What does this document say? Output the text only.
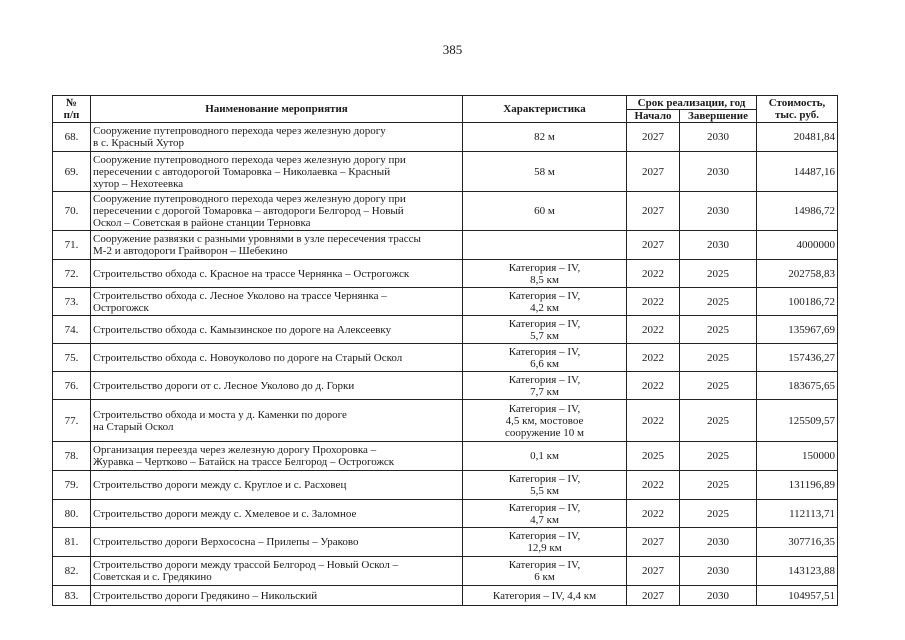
385
№
п/п	Наименование мероприятия	Характеристика	Срок реализации, год		Стоимость,
тыс. руб.
			Начало	Завершение	
68.	Сооружение путепроводного перехода через железную дорогу
в с. Красный Хутор	82 м	2027	2030	20481,84
69.	Сооружение путепроводного перехода через железную дорогу при
пересечении с автодорогой Томаровка – Николаевка – Красный
хутор – Нехотеевка	58 м	2027	2030	14487,16
70.	Сооружение путепроводного перехода через железную дорогу при
пересечении с дорогой Томаровка – автодороги Белгород – Новый
Оскол – Советская в районе станции Терновка	60 м	2027	2030	14986,72
71.	Сооружение развязки с разными уровнями в узле пересечения трассы
М-2 и автодороги Грайворон – Шебекино		2027	2030	4000000
72.	Строительство обхода с. Красное на трассе Чернянка – Острогожск	Категория – IV,
8,5 км	2022	2025	202758,83
73.	Строительство обхода с. Лесное Уколово на трассе Чернянка –
Острогожск	Категория – IV,
4,2 км	2022	2025	100186,72
74.	Строительство обхода с. Камызинское по дороге на Алексеевку	Категория – IV,
5,7 км	2022	2025	135967,69
75.	Строительство обхода с. Новоуколово по дороге на Старый Оскол	Категория – IV,
6,6 км	2022	2025	157436,27
76.	Строительство дороги от с. Лесное Уколово до д. Горки	Категория – IV,
7,7 км	2022	2025	183675,65
77.	Строительство обхода и моста у д. Каменки по дороге
на Старый Оскол	Категория – IV,
4,5 км, мостовое
сооружение 10 м	2022	2025	125509,57
78.	Организация переезда через железную дорогу Прохоровка –
Журавка – Чертково – Батайск на трассе Белгород – Острогожск	0,1 км	2025	2025	150000
79.	Строительство дороги между с. Круглое и с. Расховец	Категория – IV,
5,5 км	2022	2025	131196,89
80.	Строительство дороги между с. Хмелевое и с. Заломное	Категория – IV,
4,7 км	2022	2025	112113,71
81.	Строительство дороги Верхососна – Прилепы – Ураково	Категория – IV,
12,9 км	2027	2030	307716,35
82.	Строительство дороги между трассой Белгород – Новый Оскол –
Советская и с. Гредякино	Категория – IV,
6 км	2027	2030	143123,88
83.	Строительство дороги Гредякино – Никольский	Категория – IV, 4,4 км	2027	2030	104957,51
